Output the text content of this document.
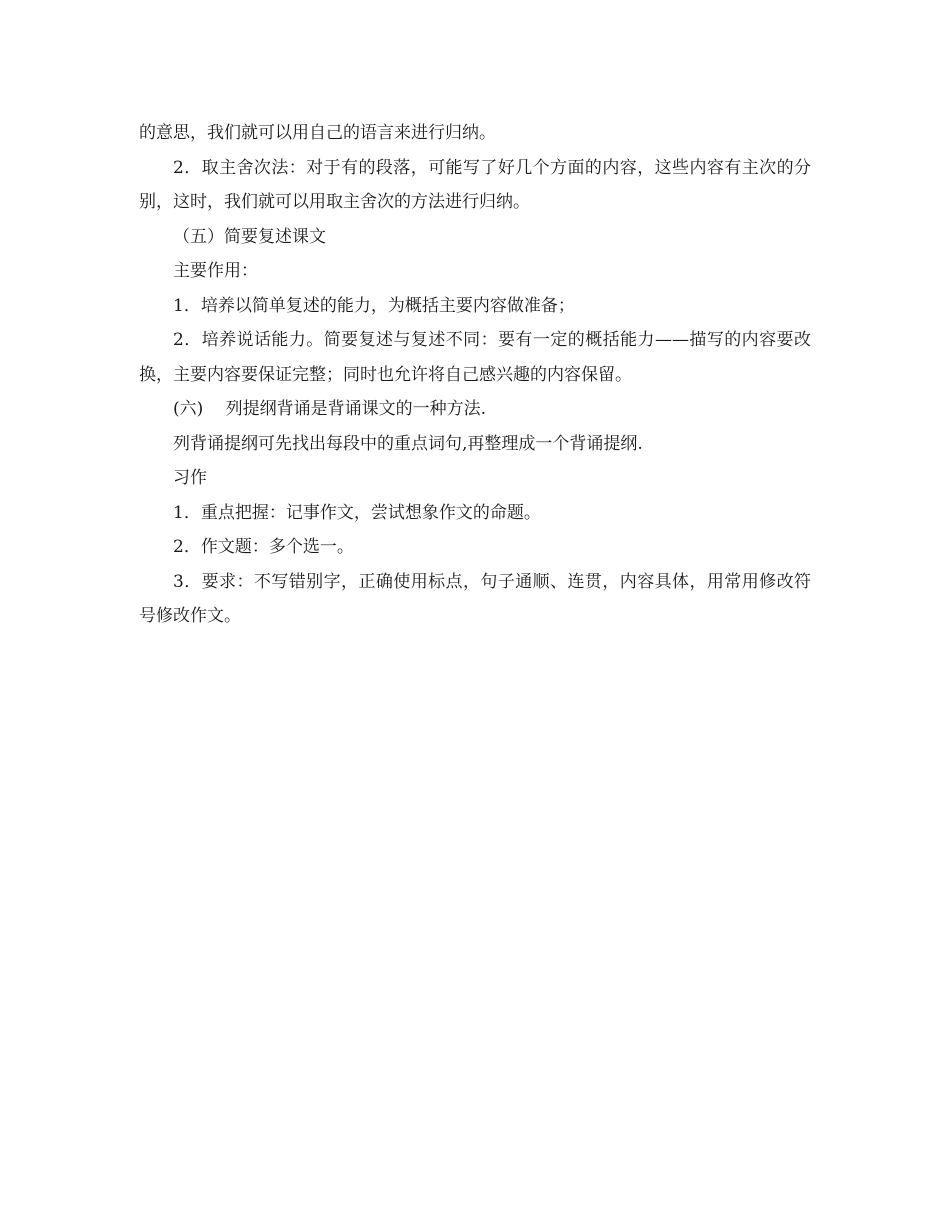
的意思，我们就可以用自己的语言来进行归纳。

2．取主舍次法：对于有的段落，可能写了好几个方面的内容，这些内容有主次的分别，这时，我们就可以用取主舍次的方法进行归纳。

（五）简要复述课文

主要作用：

1．培养以简单复述的能力，为概括主要内容做准备；

2．培养说话能力。简要复述与复述不同：要有一定的概括能力——描写的内容要改换，主要内容要保证完整；同时也允许将自己感兴趣的内容保留。

(六)　 列提纲背诵是背诵课文的一种方法.

列背诵提纲可先找出每段中的重点词句,再整理成一个背诵提纲.

习作

1．重点把握：记事作文，尝试想象作文的命题。

2．作文题：多个选一。

3．要求：不写错别字，正确使用标点，句子通顺、连贯，内容具体，用常用修改符号修改作文。
